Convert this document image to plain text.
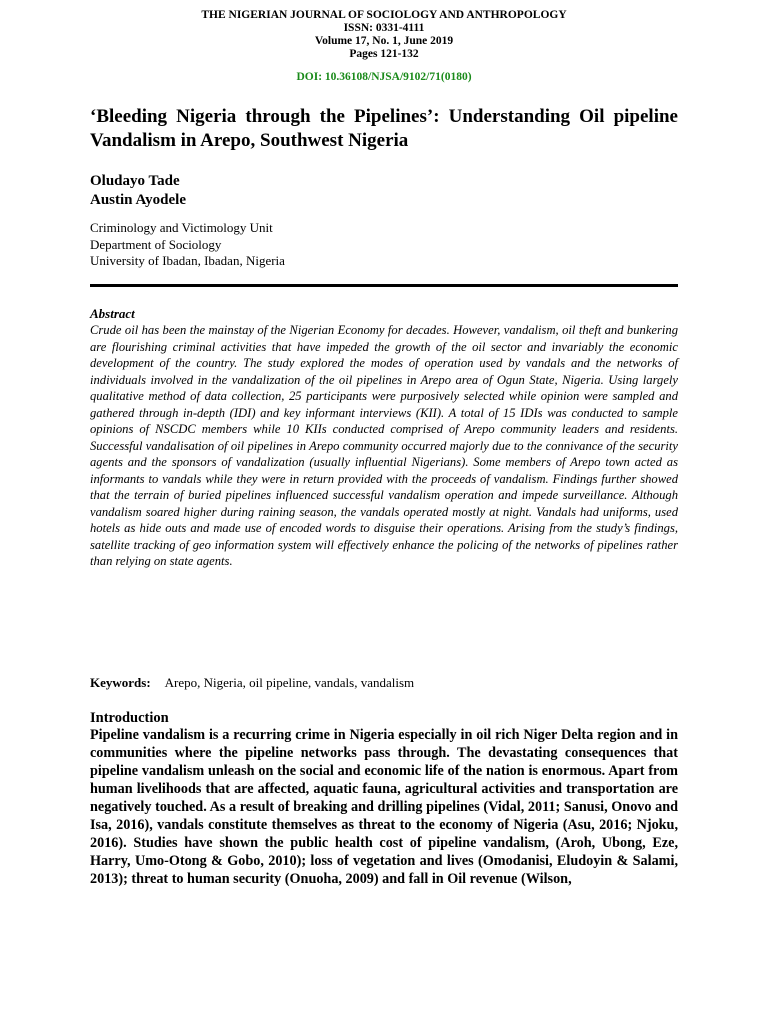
THE NIGERIAN JOURNAL OF SOCIOLOGY AND ANTHROPOLOGY
ISSN: 0331-4111
Volume 17, No. 1, June 2019
Pages 121-132
DOI: 10.36108/NJSA/9102/71(0180)
‘Bleeding Nigeria through the Pipelines’: Understanding Oil pipeline Vandalism in Arepo, Southwest Nigeria
Oludayo Tade
Austin Ayodele
Criminology and Victimology Unit
Department of Sociology
University of Ibadan, Ibadan, Nigeria
Abstract
Crude oil has been the mainstay of the Nigerian Economy for decades. However, vandalism, oil theft and bunkering are flourishing criminal activities that have impeded the growth of the oil sector and invariably the economic development of the country. The study explored the modes of operation used by vandals and the networks of individuals involved in the vandalization of the oil pipelines in Arepo area of Ogun State, Nigeria. Using largely qualitative method of data collection, 25 participants were purposively selected while opinion were sampled and gathered through in-depth (IDI) and key informant interviews (KII). A total of 15 IDIs was conducted to sample opinions of NSCDC members while 10 KIIs conducted comprised of Arepo community leaders and residents. Successful vandalisation of oil pipelines in Arepo community occurred majorly due to the connivance of the security agents and the sponsors of vandalization (usually influential Nigerians). Some members of Arepo town acted as informants to vandals while they were in return provided with the proceeds of vandalism. Findings further showed that the terrain of buried pipelines influenced successful vandalism operation and impede surveillance. Although vandalism soared higher during raining season, the vandals operated mostly at night. Vandals had uniforms, used hotels as hide outs and made use of encoded words to disguise their operations. Arising from the study’s findings, satellite tracking of geo information system will effectively enhance the policing of the networks of pipelines rather than relying on state agents.
Keywords: Arepo, Nigeria, oil pipeline, vandals, vandalism
Introduction
Pipeline vandalism is a recurring crime in Nigeria especially in oil rich Niger Delta region and in communities where the pipeline networks pass through. The devastating consequences that pipeline vandalism unleash on the social and economic life of the nation is enormous. Apart from human livelihoods that are affected, aquatic fauna, agricultural activities and transportation are negatively touched. As a result of breaking and drilling pipelines (Vidal, 2011; Sanusi, Onovo and Isa, 2016), vandals constitute themselves as threat to the economy of Nigeria (Asu, 2016; Njoku, 2016). Studies have shown the public health cost of pipeline vandalism, (Aroh, Ubong, Eze, Harry, Umo-Otong & Gobo, 2010); loss of vegetation and lives (Omodanisi, Eludoyin & Salami, 2013); threat to human security (Onuoha, 2009) and fall in Oil revenue (Wilson,
